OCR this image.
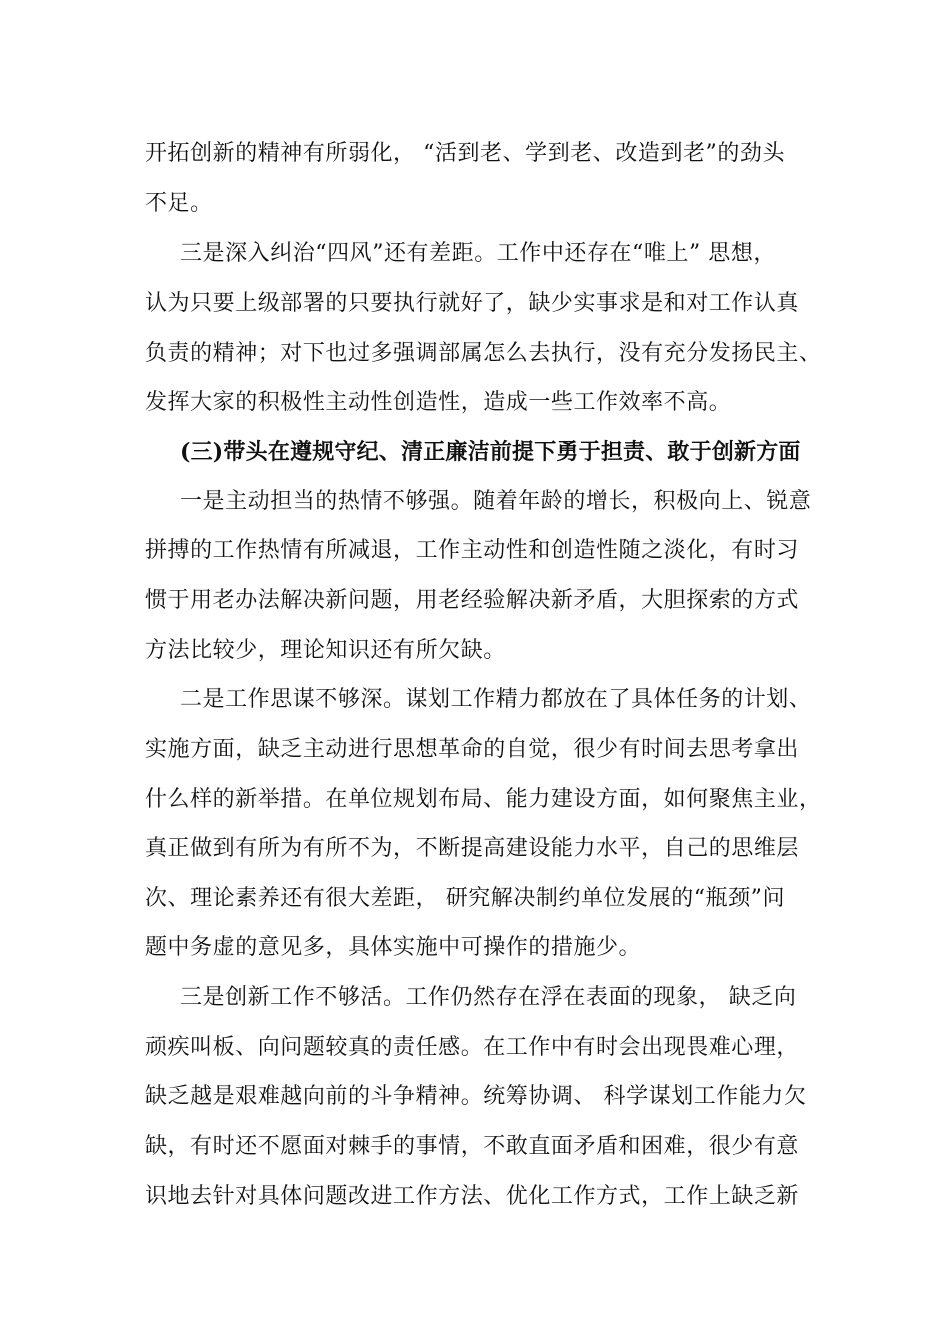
开拓创新的精神有所弱化， “活到老、学到老、改造到老”的劲头
不足。
三是深入纠治“四风”还有差距。工作中还存在“唯上” 思想，
认为只要上级部署的只要执行就好了，缺少实事求是和对工作认真
负责的精神；对下也过多强调部属怎么去执行，没有充分发扬民主、
发挥大家的积极性主动性创造性，造成一些工作效率不高。
(三)带头在遵规守纪、清正廉洁前提下勇于担责、敢于创新方面
一是主动担当的热情不够强。随着年龄的增长，积极向上、锐意
拼搏的工作热情有所减退，工作主动性和创造性随之淡化，有时习
惯于用老办法解决新问题，用老经验解决新矛盾，大胆探索的方式
方法比较少，理论知识还有所欠缺。
二是工作思谋不够深。谋划工作精力都放在了具体任务的计划、
实施方面，缺乏主动进行思想革命的自觉，很少有时间去思考拿出
什么样的新举措。在单位规划布局、能力建设方面，如何聚焦主业，
真正做到有所为有所不为，不断提高建设能力水平，自己的思维层
次、理论素养还有很大差距， 研究解决制约单位发展的“瓶颈”问
题中务虚的意见多，具体实施中可操作的措施少。
三是创新工作不够活。工作仍然存在浮在表面的现象， 缺乏向
顽疾叫板、向问题较真的责任感。在工作中有时会出现畏难心理，
缺乏越是艰难越向前的斗争精神。统筹协调、 科学谋划工作能力欠
缺，有时还不愿面对棘手的事情，不敢直面矛盾和困难，很少有意
识地去针对具体问题改进工作方法、优化工作方式，工作上缺乏新
